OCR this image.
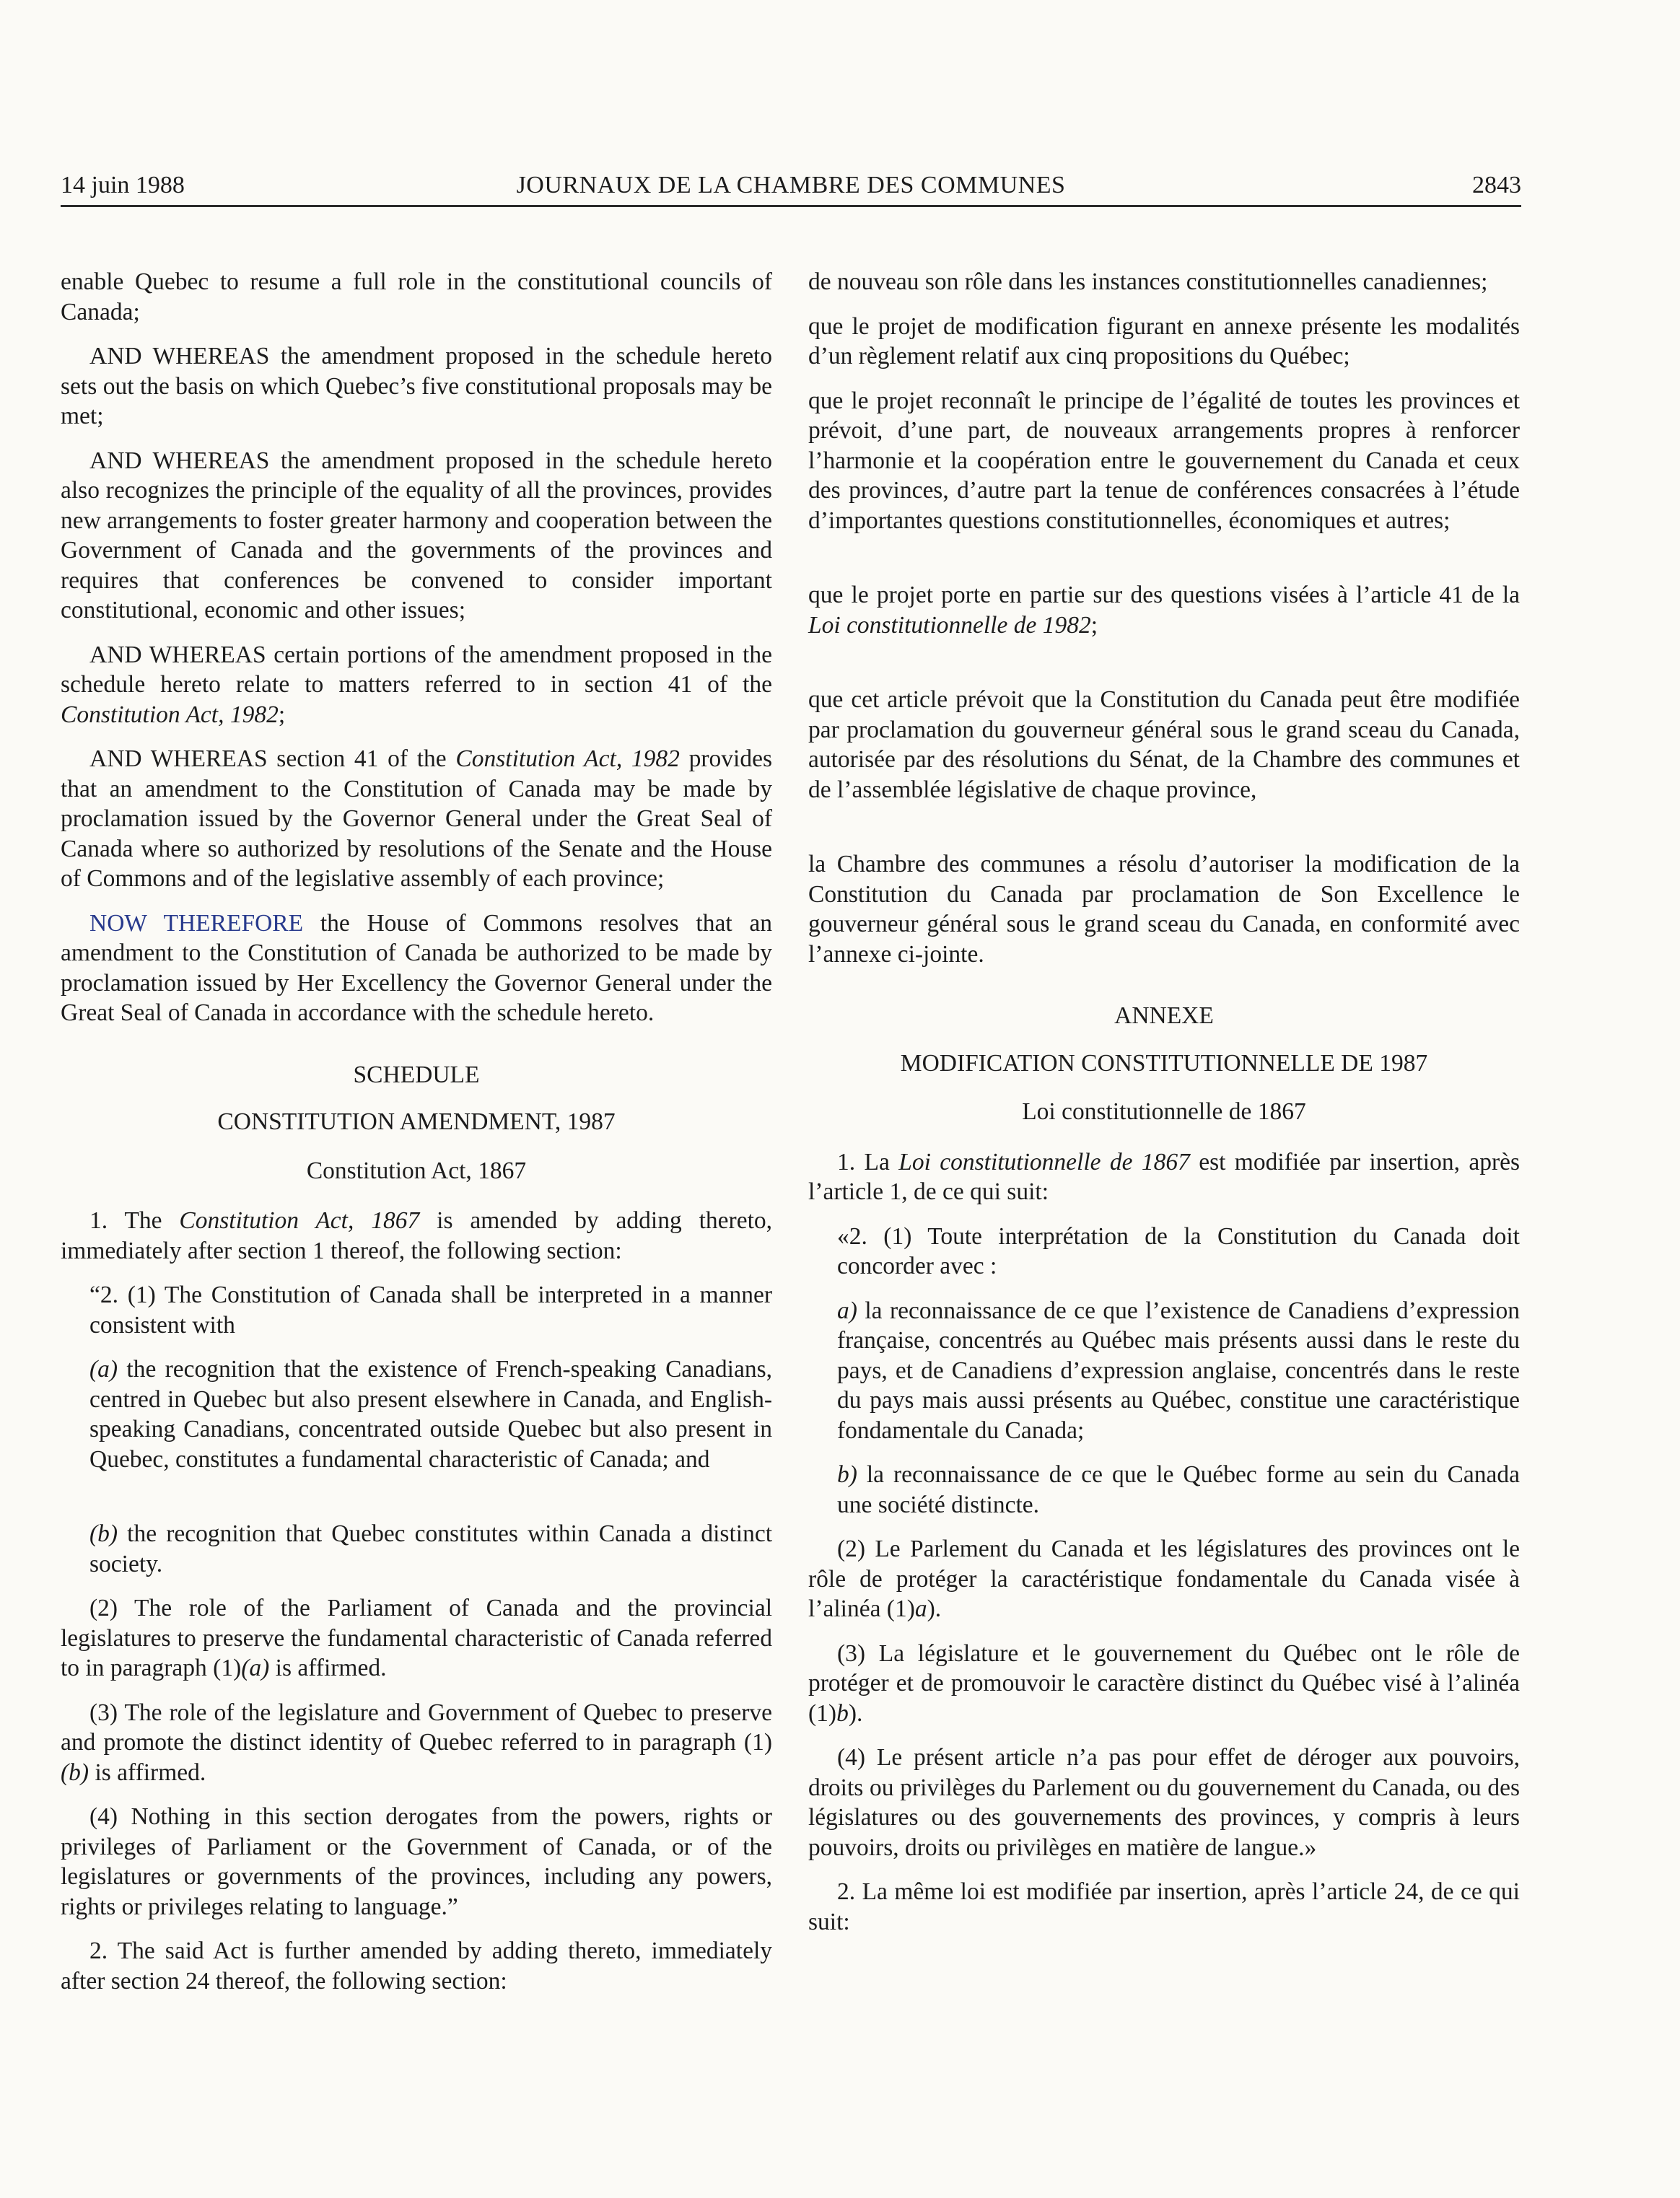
14 juin 1988	JOURNAUX DE LA CHAMBRE DES COMMUNES	2843

enable Quebec to resume a full role in the constitutional councils of Canada;

AND WHEREAS the amendment proposed in the schedule hereto sets out the basis on which Quebec’s five constitutional proposals may be met;

AND WHEREAS the amendment proposed in the schedule hereto also recognizes the principle of the equality of all the provinces, provides new arrangements to foster greater harmony and cooperation between the Government of Canada and the governments of the provinces and requires that conferences be convened to consider important constitutional, economic and other issues;

AND WHEREAS certain portions of the amendment proposed in the schedule hereto relate to matters referred to in section 41 of the Constitution Act, 1982;

AND WHEREAS section 41 of the Constitution Act, 1982 provides that an amendment to the Constitution of Canada may be made by proclamation issued by the Governor General under the Great Seal of Canada where so authorized by resolutions of the Senate and the House of Commons and of the legislative assembly of each province;

NOW THEREFORE the House of Commons resolves that an amendment to the Constitution of Canada be authorized to be made by proclamation issued by Her Excellency the Governor General under the Great Seal of Canada in accordance with the schedule hereto.

SCHEDULE

CONSTITUTION AMENDMENT, 1987

Constitution Act, 1867

1. The Constitution Act, 1867 is amended by adding thereto, immediately after section 1 thereof, the following section:

“2. (1) The Constitution of Canada shall be interpreted in a manner consistent with

(a) the recognition that the existence of French-speaking Canadians, centred in Quebec but also present elsewhere in Canada, and English-speaking Canadians, concentrated outside Quebec but also present in Quebec, constitutes a fundamental characteristic of Canada; and

(b) the recognition that Quebec constitutes within Canada a distinct society.

(2) The role of the Parliament of Canada and the provincial legislatures to preserve the fundamental characteristic of Canada referred to in paragraph (1)(a) is affirmed.

(3) The role of the legislature and Government of Quebec to preserve and promote the distinct identity of Quebec referred to in paragraph (1)(b) is affirmed.

(4) Nothing in this section derogates from the powers, rights or privileges of Parliament or the Government of Canada, or of the legislatures or governments of the provinces, including any powers, rights or privileges relating to language.”

2. The said Act is further amended by adding thereto, immediately after section 24 thereof, the following section:

de nouveau son rôle dans les instances constitutionnelles canadiennes;

que le projet de modification figurant en annexe présente les modalités d’un règlement relatif aux cinq propositions du Québec;

que le projet reconnaît le principe de l’égalité de toutes les provinces et prévoit, d’une part, de nouveaux arrangements propres à renforcer l’harmonie et la coopération entre le gouvernement du Canada et ceux des provinces, d’autre part la tenue de conférences consacrées à l’étude d’importantes questions constitutionnelles, économiques et autres;

que le projet porte en partie sur des questions visées à l’article 41 de la Loi constitutionnelle de 1982;

que cet article prévoit que la Constitution du Canada peut être modifiée par proclamation du gouverneur général sous le grand sceau du Canada, autorisée par des résolutions du Sénat, de la Chambre des communes et de l’assemblée législative de chaque province,

la Chambre des communes a résolu d’autoriser la modification de la Constitution du Canada par proclamation de Son Excellence le gouverneur général sous le grand sceau du Canada, en conformité avec l’annexe ci-jointe.

ANNEXE

MODIFICATION CONSTITUTIONNELLE DE 1987

Loi constitutionnelle de 1867

1. La Loi constitutionnelle de 1867 est modifiée par insertion, après l’article 1, de ce qui suit:

«2. (1) Toute interprétation de la Constitution du Canada doit concorder avec :

a) la reconnaissance de ce que l’existence de Canadiens d’expression française, concentrés au Québec mais présents aussi dans le reste du pays, et de Canadiens d’expression anglaise, concentrés dans le reste du pays mais aussi présents au Québec, constitue une caractéristique fondamentale du Canada;

b) la reconnaissance de ce que le Québec forme au sein du Canada une société distincte.

(2) Le Parlement du Canada et les législatures des provinces ont le rôle de protéger la caractéristique fondamentale du Canada visée à l’alinéa (1)a).

(3) La législature et le gouvernement du Québec ont le rôle de protéger et de promouvoir le caractère distinct du Québec visé à l’alinéa (1)b).

(4) Le présent article n’a pas pour effet de déroger aux pouvoirs, droits ou privilèges du Parlement ou du gouvernement du Canada, ou des législatures ou des gouvernements des provinces, y compris à leurs pouvoirs, droits ou privilèges en matière de langue.»

2. La même loi est modifiée par insertion, après l’article 24, de ce qui suit:
